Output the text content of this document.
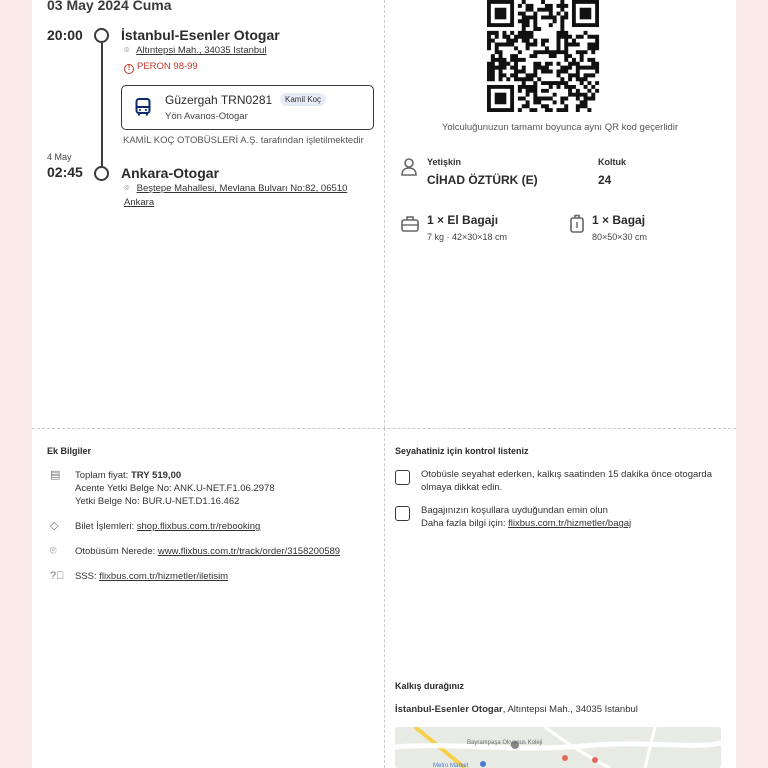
03 May 2024 Cuma
20:00	İstanbul-Esenler Otogar
⌾ Altıntepsi Mah., 34035 Istanbul
! PERON 98-99
Güzergah TRN0281	Kamil Koç
Yön Avanos-Otogar
KAMİL KOÇ OTOBÜSLERİ A.Ş. tarafından işletilmektedir
4 May
02:45	Ankara-Otogar
⌾ Beştepe Mahallesi, Mevlana Bulvarı No:82, 06510
Ankara
Yolculuğunuzun tamamı boyunca aynı QR kod geçerlidir
Yetişkin
CİHAD ÖZTÜRK (E)
Koltuk
24
1 × El Bagajı
7 kg · 42×30×18 cm
1 × Bagaj
80×50×30 cm
Ek Bilgiler
▤	Toplam fiyat: TRY 519,00
Acente Yetki Belge No: ANK.U-NET.F1.06.2978
Yetki Belge No: BUR.U-NET.D1.16.462
◇	Bilet İşlemleri: shop.flixbus.com.tr/rebooking
⌾	Otobüsüm Nerede: www.flixbus.com.tr/track/order/3158200589
?⃝ SSS: flixbus.com.tr/hizmetler/iletisim
Seyahatiniz için kontrol listeniz
Otobüsle seyahat ederken, kalkış saatinden 15 dakika önce otogarda olmaya dikkat edin.
Bagajınızın koşullara uyduğundan emin olun
Daha fazla bilgi için: flixbus.com.tr/hizmetler/bagaj
Kalkış durağınız
İstanbul-Esenler Otogar, Altıntepsi Mah., 34035 Istanbul
Bayrampaşa Okyanus Koleji
Metro Market
